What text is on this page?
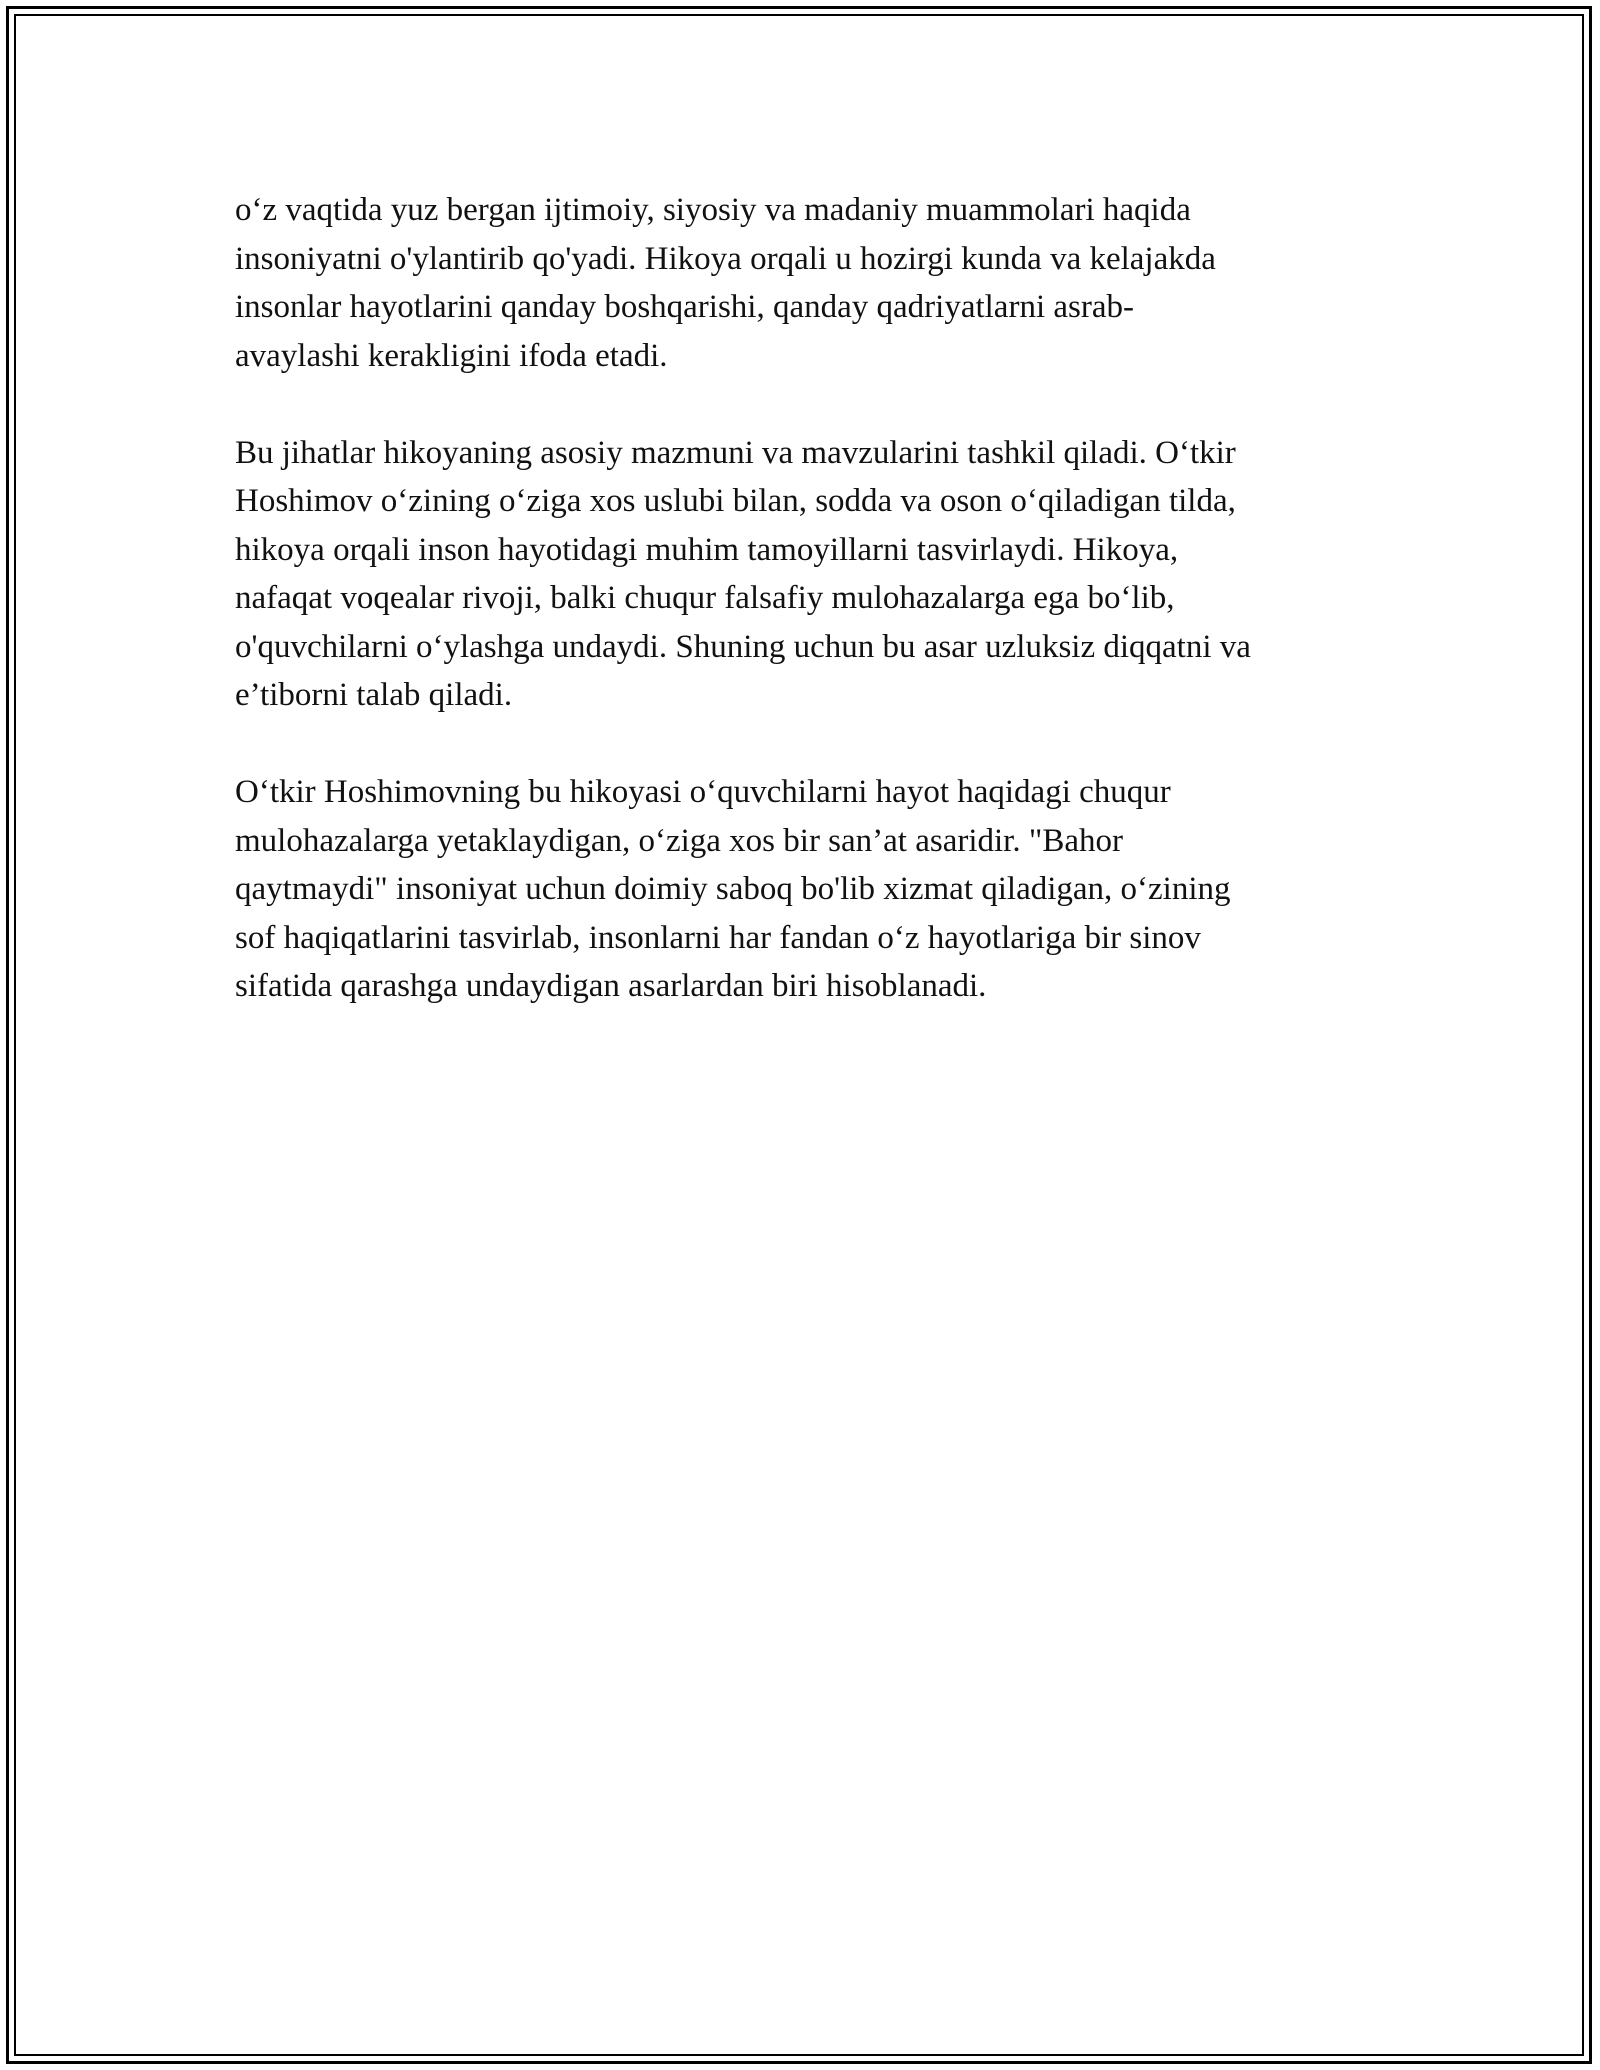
o‘z vaqtida yuz bergan ijtimoiy, siyosiy va madaniy muammolari haqida
insoniyatni o'ylantirib qo'yadi. Hikoya orqali u hozirgi kunda va kelajakda
insonlar hayotlarini qanday boshqarishi, qanday qadriyatlarni asrab-
avaylashi kerakligini ifoda etadi.

Bu jihatlar hikoyaning asosiy mazmuni va mavzularini tashkil qiladi. O‘tkir
Hoshimov o‘zining o‘ziga xos uslubi bilan, sodda va oson o‘qiladigan tilda,
hikoya orqali inson hayotidagi muhim tamoyillarni tasvirlaydi. Hikoya,
nafaqat voqealar rivoji, balki chuqur falsafiy mulohazalarga ega bo‘lib,
o'quvchilarni o‘ylashga undaydi. Shuning uchun bu asar uzluksiz diqqatni va
e’tiborni talab qiladi.

O‘tkir Hoshimovning bu hikoyasi o‘quvchilarni hayot haqidagi chuqur
mulohazalarga yetaklaydigan, o‘ziga xos bir san’at asaridir. "Bahor
qaytmaydi" insoniyat uchun doimiy saboq bo'lib xizmat qiladigan, o‘zining
sof haqiqatlarini tasvirlab, insonlarni har fandan o‘z hayotlariga bir sinov
sifatida qarashga undaydigan asarlardan biri hisoblanadi.
